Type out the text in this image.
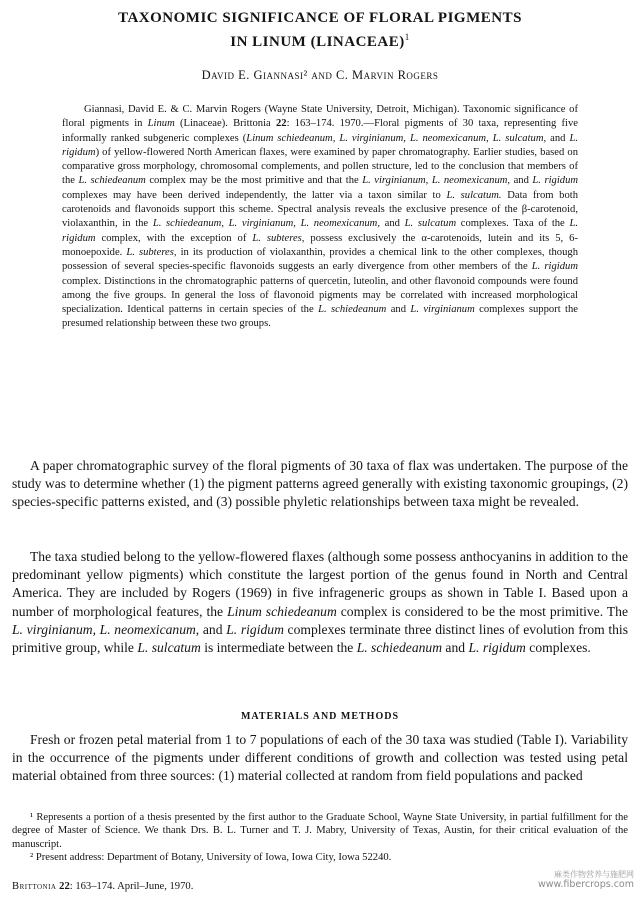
TAXONOMIC SIGNIFICANCE OF FLORAL PIGMENTS
IN LINUM (LINACEAE)$^1$

David E. Giannasi² and C. Marvin Rogers

Giannasi, David E. & C. Marvin Rogers (Wayne State University, Detroit, Michigan). Taxonomic significance of floral pigments in Linum (Linaceae). Brittonia 22: 163–174. 1970.—Floral pigments of 30 taxa, representing five informally ranked subgeneric complexes (Linum schiedeanum, L. virginianum, L. neomexicanum, L. sulcatum, and L. rigidum) of yellow-flowered North American flaxes, were examined by paper chromatography. Earlier studies, based on comparative gross morphology, chromosomal complements, and pollen structure, led to the conclusion that members of the L. schiedeanum complex may be the most primitive and that the L. virginianum, L. neomexicanum, and L. rigidum complexes may have been derived independently, the latter via a taxon similar to L. sulcatum. Data from both carotenoids and flavonoids support this scheme. Spectral analysis reveals the exclusive presence of the β-carotenoid, violaxanthin, in the L. schiedeanum, L. virginianum, L. neomexicanum, and L. sulcatum complexes. Taxa of the L. rigidum complex, with the exception of L. subteres, possess exclusively the α-carotenoids, lutein and its 5, 6-monoepoxide. L. subteres, in its production of violaxanthin, provides a chemical link to the other complexes, though possession of several species-specific flavonoids suggests an early divergence from other members of the L. rigidum complex. Distinctions in the chromatographic patterns of quercetin, luteolin, and other flavonoid compounds were found among the five groups. In general the loss of flavonoid pigments may be correlated with increased morphological specialization. Identical patterns in certain species of the L. schiedeanum and L. virginianum complexes support the presumed relationship between these two groups.

A paper chromatographic survey of the floral pigments of 30 taxa of flax was undertaken. The purpose of the study was to determine whether (1) the pigment patterns agreed generally with existing taxonomic groupings, (2) species-specific patterns existed, and (3) possible phyletic relationships between taxa might be revealed.

The taxa studied belong to the yellow-flowered flaxes (although some possess anthocyanins in addition to the predominant yellow pigments) which constitute the largest portion of the genus found in North and Central America. They are included by Rogers (1969) in five infrageneric groups as shown in Table I. Based upon a number of morphological features, the Linum schiedeanum complex is considered to be the most primitive. The L. virginianum, L. neomexicanum, and L. rigidum complexes terminate three distinct lines of evolution from this primitive group, while L. sulcatum is intermediate between the L. schiedeanum and L. rigidum complexes.

MATERIALS AND METHODS

Fresh or frozen petal material from 1 to 7 populations of each of the 30 taxa was studied (Table I). Variability in the occurrence of the pigments under different conditions of growth and collection was tested using petal material obtained from three sources: (1) material collected at random from field populations and packed

¹ Represents a portion of a thesis presented by the first author to the Graduate School, Wayne State University, in partial fulfillment for the degree of Master of Science. We thank Drs. B. L. Turner and T. J. Mabry, University of Texas, Austin, for their critical evaluation of the manuscript.

² Present address: Department of Botany, University of Iowa, Iowa City, Iowa 52240.

Brittonia 22: 163–174. April–June, 1970.

麻类作物营养与施肥网
www.fibercrops.com
